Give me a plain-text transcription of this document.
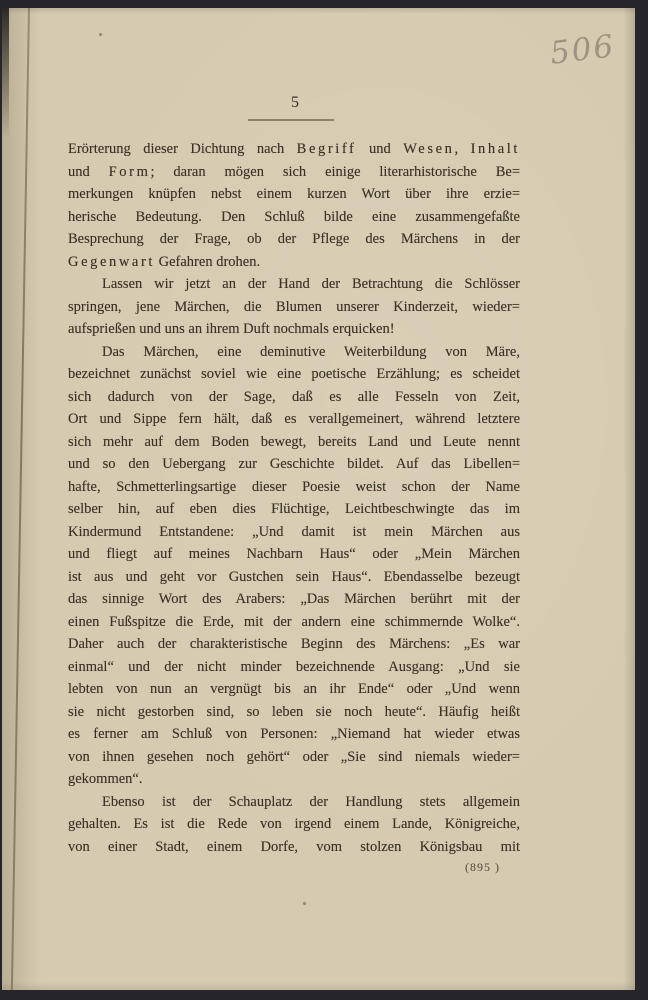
506
5
Erörterung dieser Dichtung nach Begriff und Wesen, Inhalt
und Form; daran mögen sich einige literarhistorische Be=
merkungen knüpfen nebst einem kurzen Wort über ihre erzie=
herische Bedeutung. Den Schluß bilde eine zusammengefaßte
Besprechung der Frage, ob der Pflege des Märchens in der
Gegenwart Gefahren drohen.
Lassen wir jetzt an der Hand der Betrachtung die Schlösser
springen, jene Märchen, die Blumen unserer Kinderzeit, wieder=
aufsprießen und uns an ihrem Duft nochmals erquicken!
Das Märchen, eine deminutive Weiterbildung von Märe,
bezeichnet zunächst soviel wie eine poetische Erzählung; es scheidet
sich dadurch von der Sage, daß es alle Fesseln von Zeit,
Ort und Sippe fern hält, daß es verallgemeinert, während letztere
sich mehr auf dem Boden bewegt, bereits Land und Leute nennt
und so den Uebergang zur Geschichte bildet. Auf das Libellen=
hafte, Schmetterlingsartige dieser Poesie weist schon der Name
selber hin, auf eben dies Flüchtige, Leichtbeschwingte das im
Kindermund Entstandene: „Und damit ist mein Märchen aus
und fliegt auf meines Nachbarn Haus“ oder „Mein Märchen
ist aus und geht vor Gustchen sein Haus“. Ebendasselbe bezeugt
das sinnige Wort des Arabers: „Das Märchen berührt mit der
einen Fußspitze die Erde, mit der andern eine schimmernde Wolke“.
Daher auch der charakteristische Beginn des Märchens: „Es war
einmal“ und der nicht minder bezeichnende Ausgang: „Und sie
lebten von nun an vergnügt bis an ihr Ende“ oder „Und wenn
sie nicht gestorben sind, so leben sie noch heute“. Häufig heißt
es ferner am Schluß von Personen: „Niemand hat wieder etwas
von ihnen gesehen noch gehört“ oder „Sie sind niemals wieder=
gekommen“.
Ebenso ist der Schauplatz der Handlung stets allgemein
gehalten. Es ist die Rede von irgend einem Lande, Königreiche,
von einer Stadt, einem Dorfe, vom stolzen Königsbau mit
(895 )
